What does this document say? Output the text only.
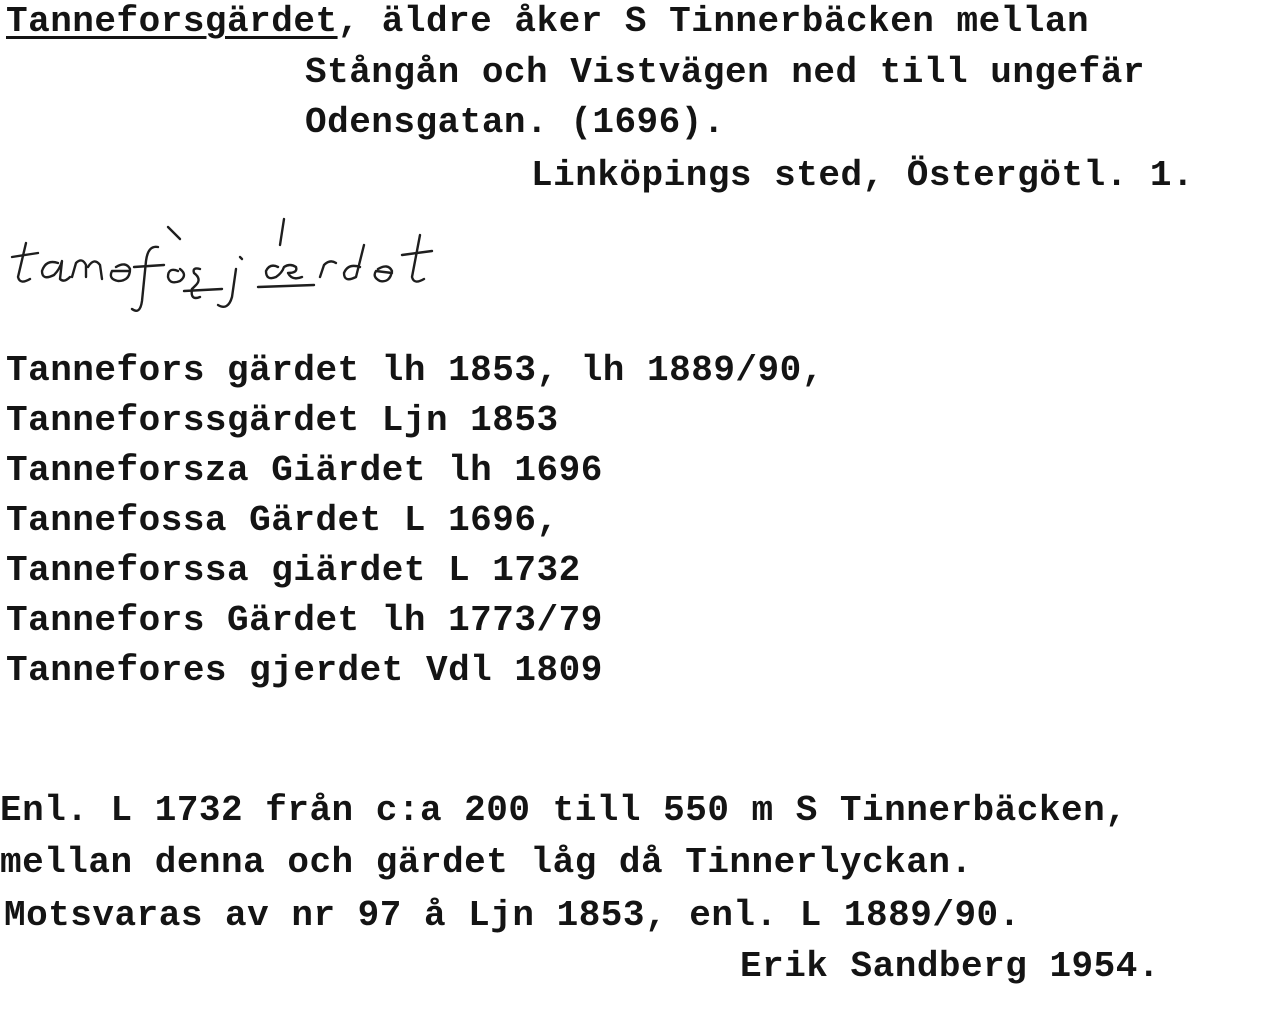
Tanneforsgärdet, äldre åker S Tinnerbäcken mellan
Stångån och Vistvägen ned till ungefär
Odensgatan. (1696).
Linköpings sted, Östergötl. 1.
Tannefors gärdet lh 1853, lh 1889/90,
Tanneforssgärdet Ljn 1853
Tanneforsza Giärdet lh 1696
Tannefossa Gärdet L 1696,
Tanneforssa giärdet L 1732
Tannefors Gärdet lh 1773/79
Tannefores gjerdet Vdl 1809
Enl. L 1732 från c:a 200 till 550 m S Tinnerbäcken,
mellan denna och gärdet låg då Tinnerlyckan.
Motsvaras av nr 97 å Ljn 1853, enl. L 1889/90.
Erik Sandberg 1954.
